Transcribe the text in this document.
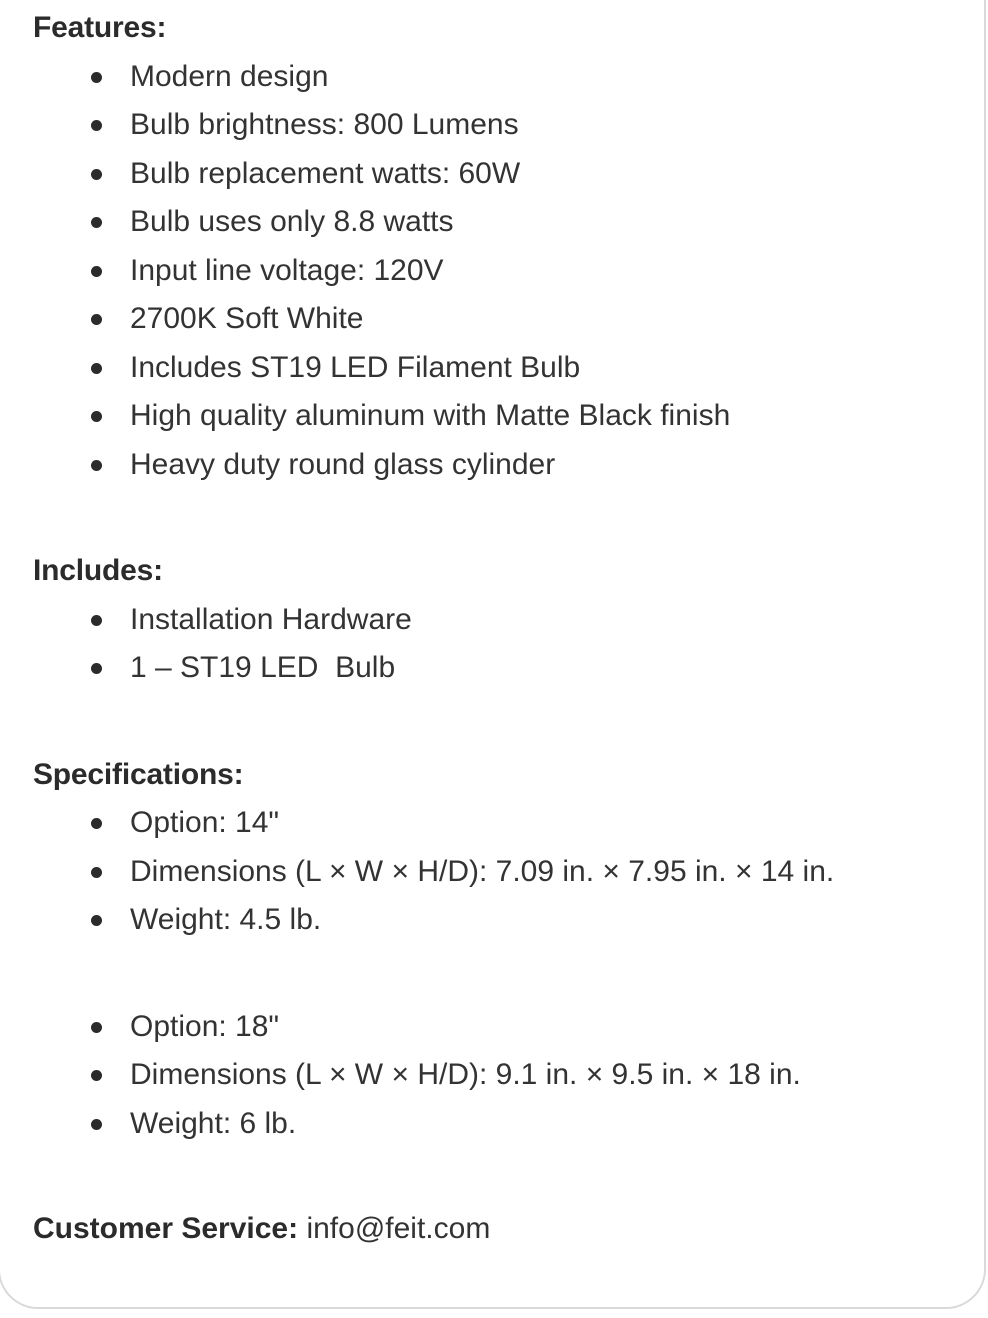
Features:
Modern design
Bulb brightness: 800 Lumens
Bulb replacement watts: 60W
Bulb uses only 8.8 watts
Input line voltage: 120V
2700K Soft White
Includes ST19 LED Filament Bulb
High quality aluminum with Matte Black finish
Heavy duty round glass cylinder
Includes:
Installation Hardware
1 – ST19 LED  Bulb
Specifications:
Option: 14"
Dimensions (L × W × H/D): 7.09 in. × 7.95 in. × 14 in.
Weight: 4.5 lb.
Option: 18"
Dimensions (L × W × H/D): 9.1 in. × 9.5 in. × 18 in.
Weight: 6 lb.
Customer Service: info@feit.com
